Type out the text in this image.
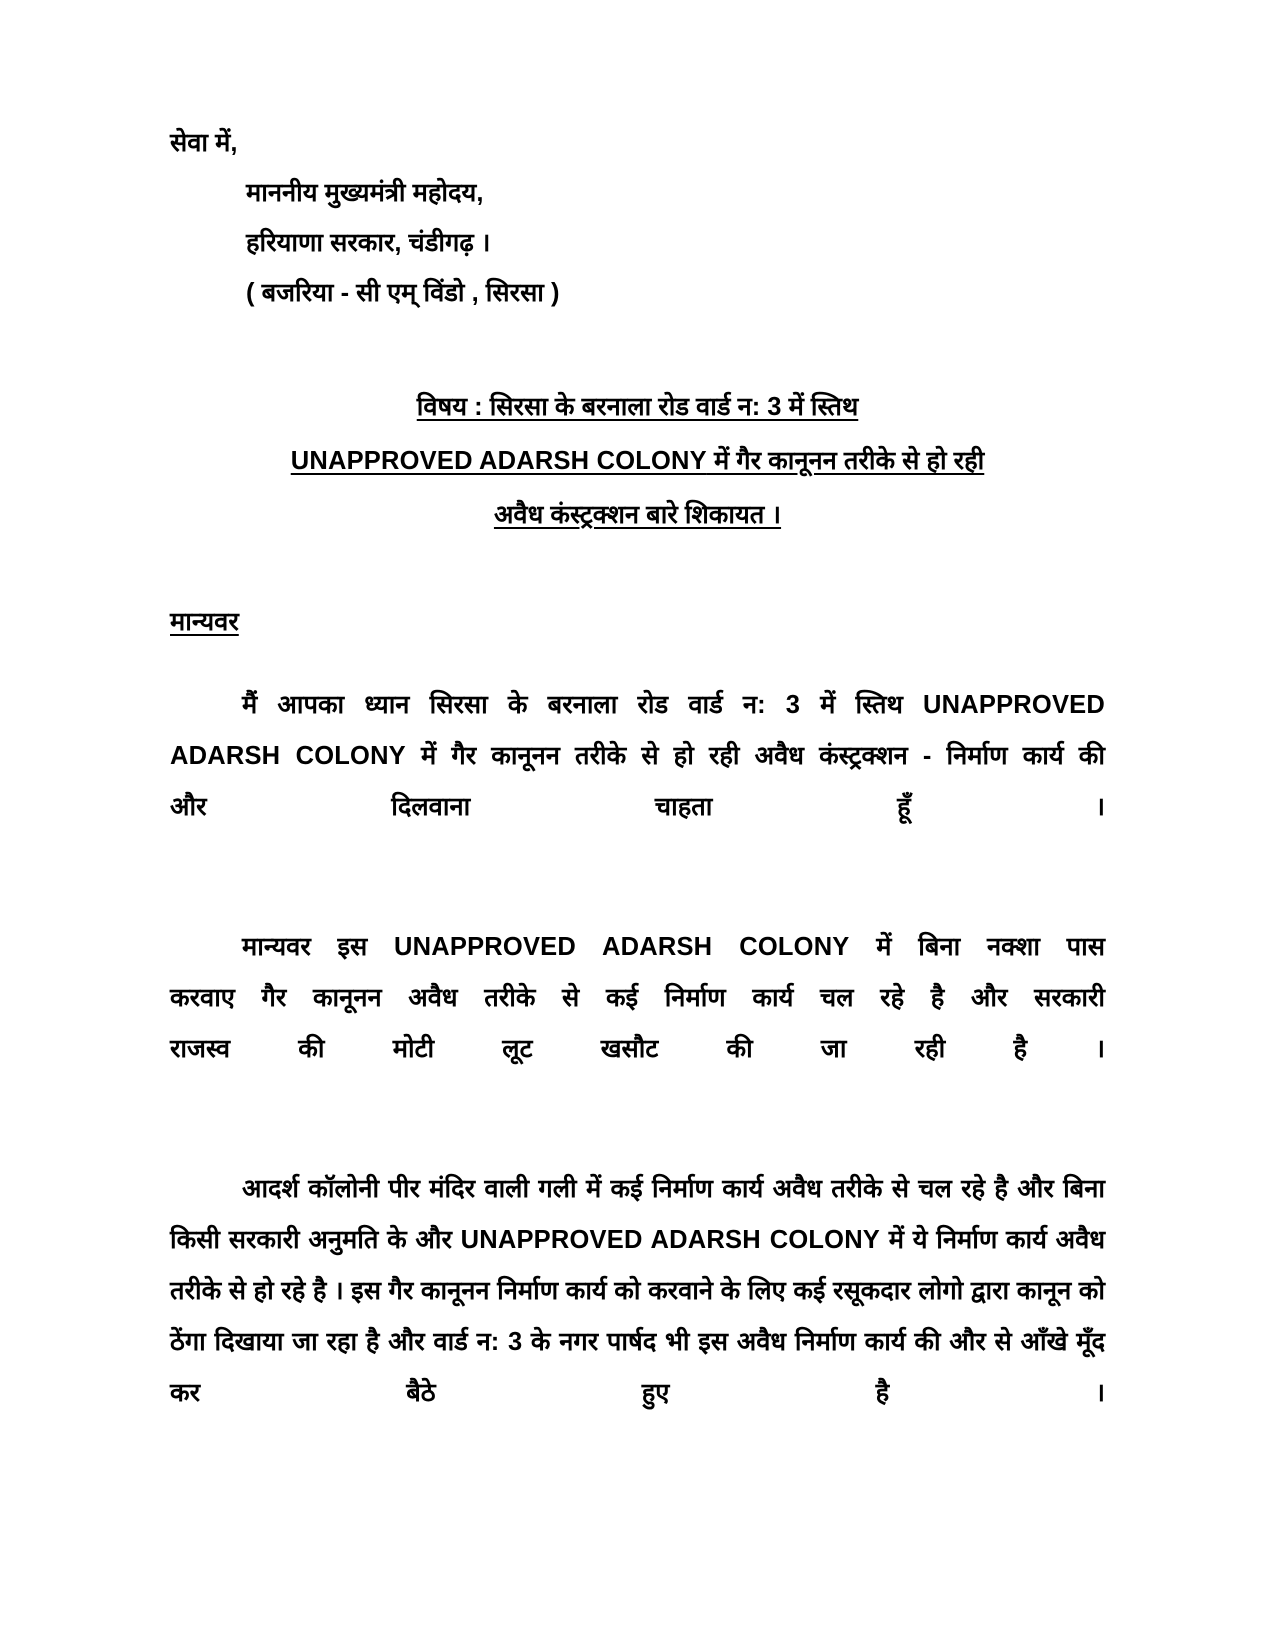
सेवा में,
माननीय मुख्यमंत्री महोदय,
हरियाणा सरकार, चंडीगढ़ ।
( बजरिया - सी एम् विंडो , सिरसा )
विषय : सिरसा के बरनाला रोड वार्ड न: 3 में स्तिथ
UNAPPROVED ADARSH COLONY में गैर कानूनन तरीके से हो रही
अवैध कंस्ट्रक्शन बारे शिकायत ।
मान्यवर
मैं आपका ध्यान सिरसा के बरनाला रोड वार्ड न: 3 में स्तिथ UNAPPROVED ADARSH COLONY में गैर कानूनन तरीके से हो रही अवैध कंस्ट्रक्शन - निर्माण कार्य की और दिलवाना चाहता हूँ ।
मान्यवर इस UNAPPROVED ADARSH COLONY में बिना नक्शा पास करवाए गैर कानूनन अवैध तरीके से कई निर्माण कार्य चल रहे है और सरकारी राजस्व की मोटी लूट खसौट की जा रही है ।
आदर्श कॉलोनी पीर मंदिर वाली गली में कई निर्माण कार्य अवैध तरीके से चल रहे है और बिना किसी सरकारी अनुमति के और UNAPPROVED ADARSH COLONY में ये निर्माण कार्य अवैध तरीके से हो रहे है । इस गैर कानूनन निर्माण कार्य को करवाने के लिए कई रसूकदार लोगो द्वारा कानून को ठेंगा दिखाया जा रहा है और वार्ड न: 3 के नगर पार्षद भी इस अवैध निर्माण कार्य की और से आँखे मूँद कर बैठे हुए है ।
